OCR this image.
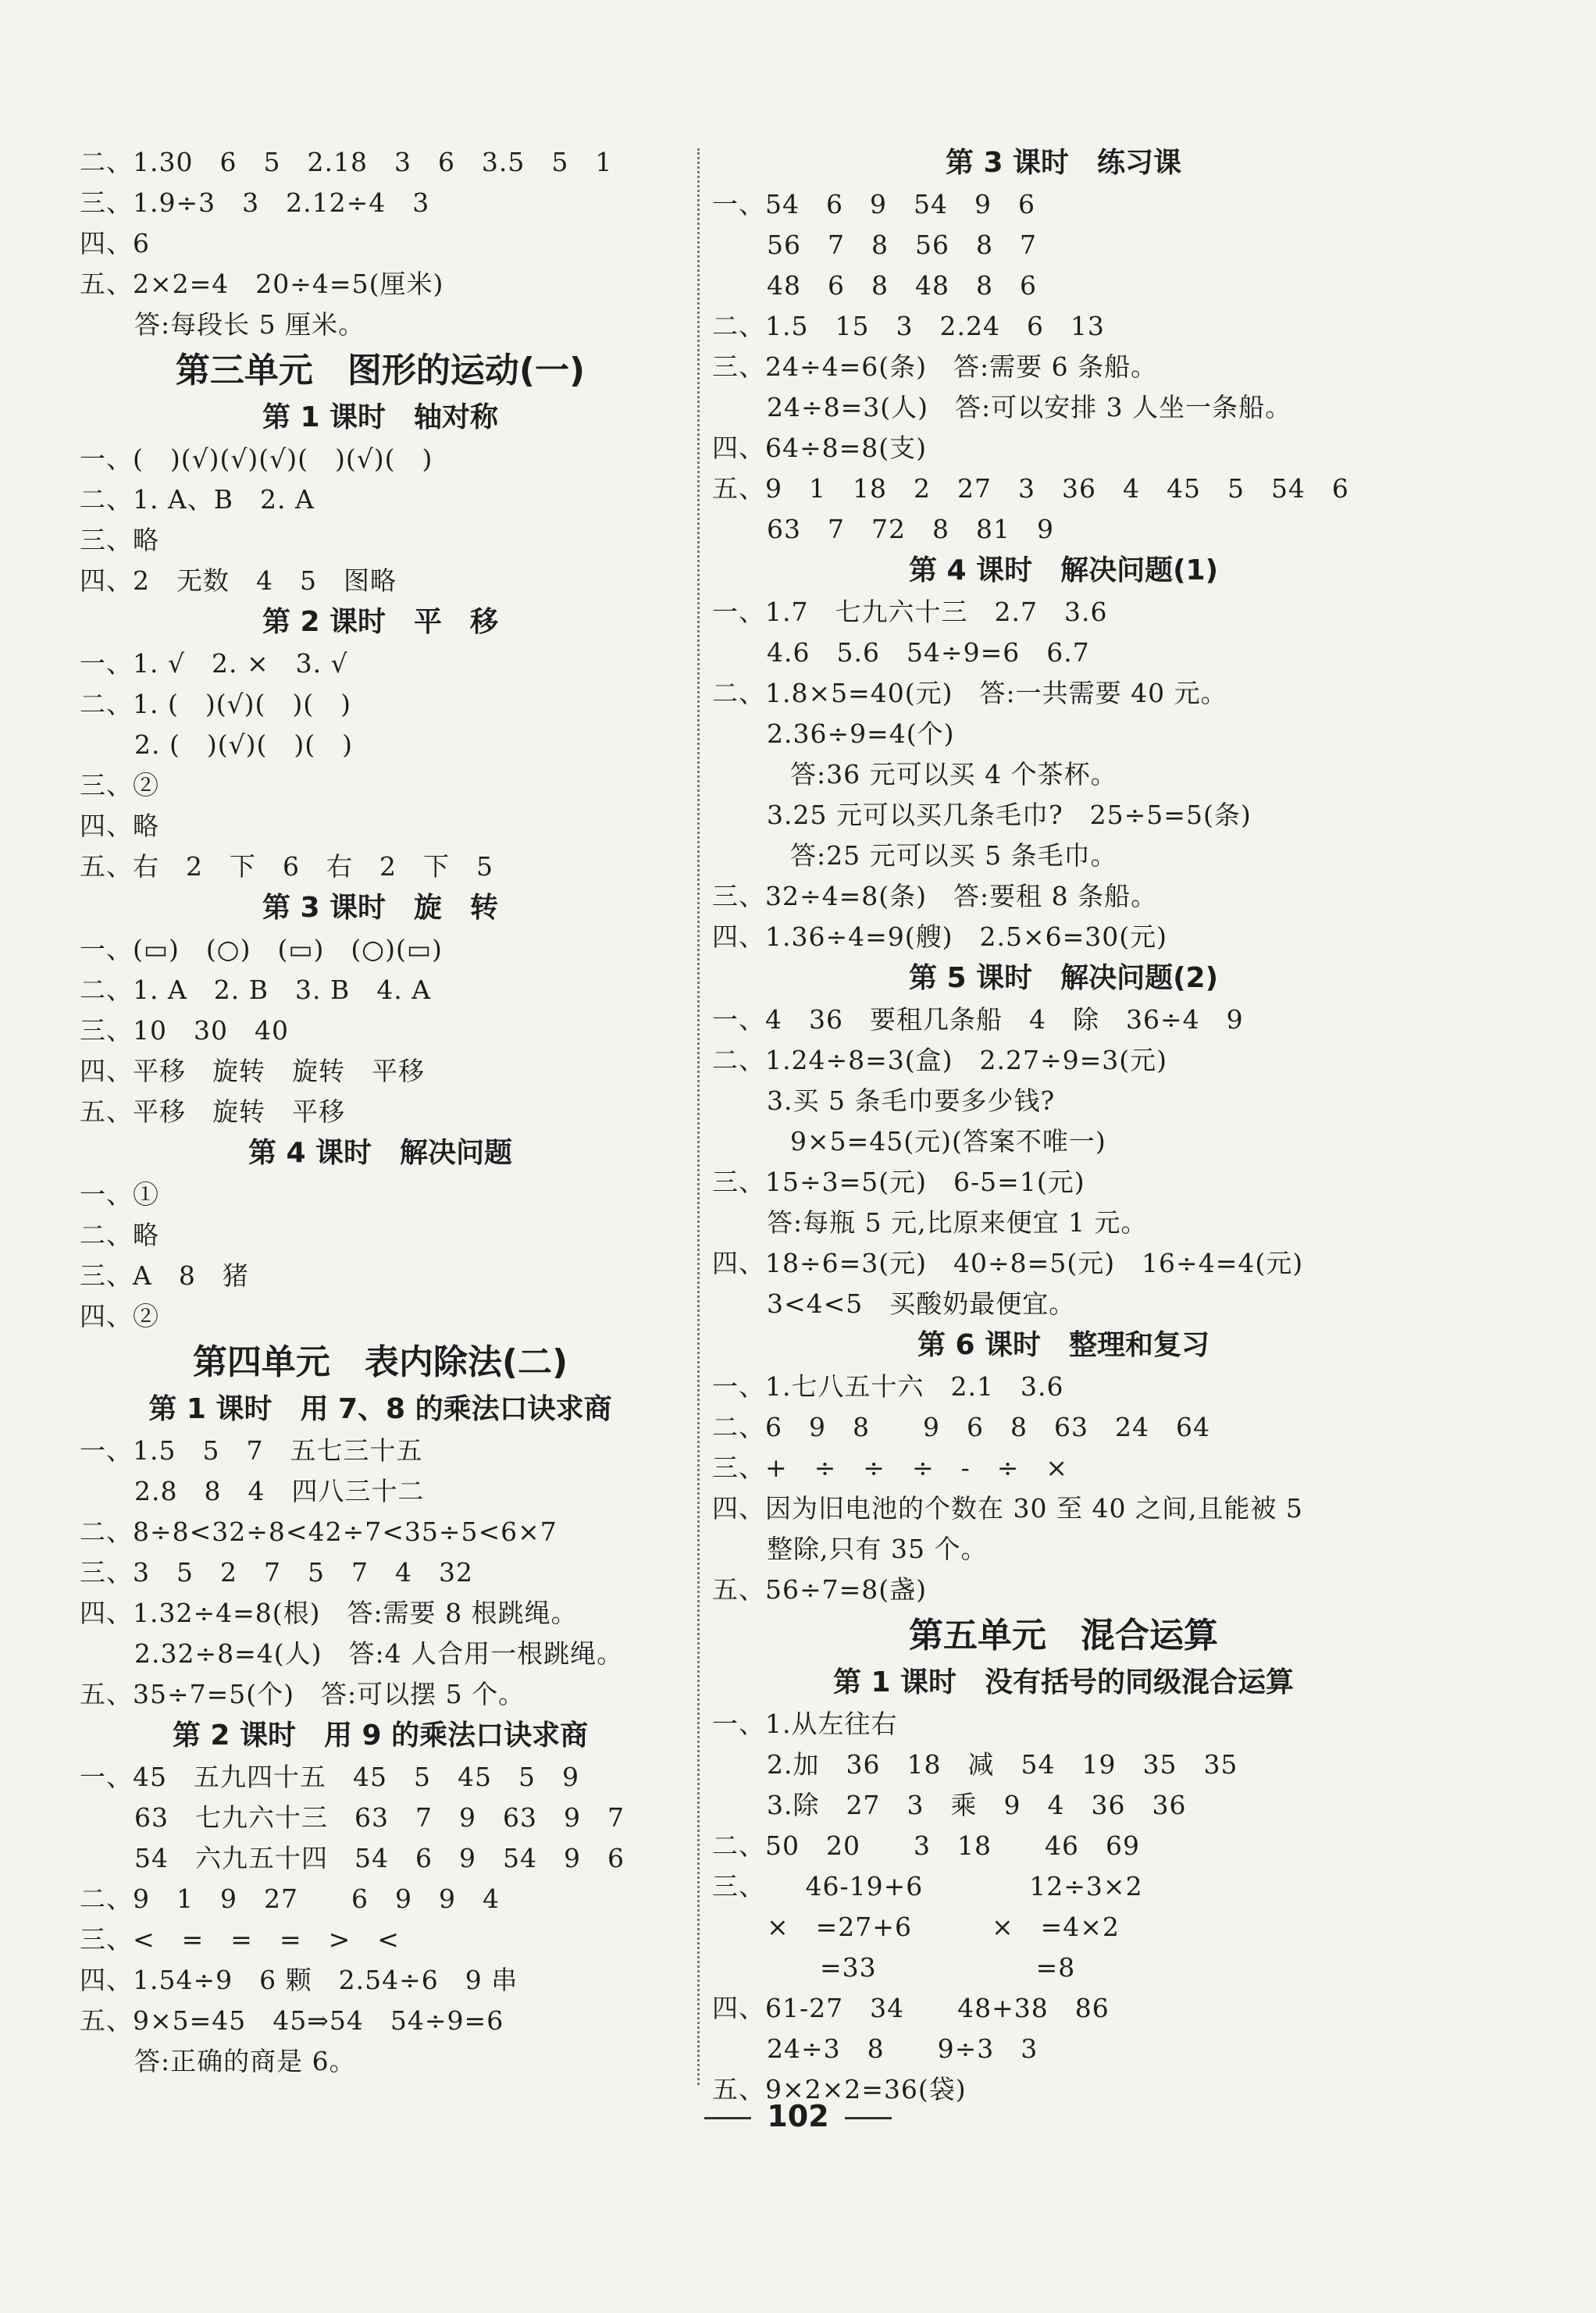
二、1.30　6　5　2.18　3　6　3.5　5　1
三、1.9÷3　3　2.12÷4　3
四、6
五、2×2=4　20÷4=5(厘米)
答:每段长 5 厘米。
第三单元　图形的运动(一)
第 1 课时　轴对称
一、(　)(√)(√)(√)(　)(√)(　)
二、1. A、B　2. A
三、略
四、2　无数　4　5　图略
第 2 课时　平　移
一、1. √　2. ×　3. √
二、1. (　)(√)(　)(　)
2. (　)(√)(　)(　)
三、②
四、略
五、右　2　下　6　右　2　下　5
第 3 课时　旋　转
一、(▭)　(○)　(▭)　(○)(▭)
二、1. A　2. B　3. B　4. A
三、10　30　40
四、平移　旋转　旋转　平移
五、平移　旋转　平移
第 4 课时　解决问题
一、①
二、略
三、A　8　猪
四、②
第四单元　表内除法(二)
第 1 课时　用 7、8 的乘法口诀求商
一、1.5　5　7　五七三十五
2.8　8　4　四八三十二
二、8÷8<32÷8<42÷7<35÷5<6×7
三、3　5　2　7　5　7　4　32
四、1.32÷4=8(根)　答:需要 8 根跳绳。
2.32÷8=4(人)　答:4 人合用一根跳绳。
五、35÷7=5(个)　答:可以摆 5 个。
第 2 课时　用 9 的乘法口诀求商
一、45　五九四十五　45　5　45　5　9
63　七九六十三　63　7　9　63　9　7
54　六九五十四　54　6　9　54　9　6
二、9　1　9　27　　6　9　9　4
三、<　=　=　=　>　<
四、1.54÷9　6 颗　2.54÷6　9 串
五、9×5=45　45⇒54　54÷9=6
答:正确的商是 6。
第 3 课时　练习课
一、54　6　9　54　9　6
56　7　8　56　8　7
48　6　8　48　8　6
二、1.5　15　3　2.24　6　13
三、24÷4=6(条)　答:需要 6 条船。
24÷8=3(人)　答:可以安排 3 人坐一条船。
四、64÷8=8(支)
五、9　1　18　2　27　3　36　4　45　5　54　6
63　7　72　8　81　9
第 4 课时　解决问题(1)
一、1.7　七九六十三　2.7　3.6
4.6　5.6　54÷9=6　6.7
二、1.8×5=40(元)　答:一共需要 40 元。
2.36÷9=4(个)
答:36 元可以买 4 个茶杯。
3.25 元可以买几条毛巾?　25÷5=5(条)
答:25 元可以买 5 条毛巾。
三、32÷4=8(条)　答:要租 8 条船。
四、1.36÷4=9(艘)　2.5×6=30(元)
第 5 课时　解决问题(2)
一、4　36　要租几条船　4　除　36÷4　9
二、1.24÷8=3(盒)　2.27÷9=3(元)
3.买 5 条毛巾要多少钱?
9×5=45(元)(答案不唯一)
三、15÷3=5(元)　6-5=1(元)
答:每瓶 5 元,比原来便宜 1 元。
四、18÷6=3(元)　40÷8=5(元)　16÷4=4(元)
3<4<5　买酸奶最便宜。
第 6 课时　整理和复习
一、1.七八五十六　2.1　3.6
二、6　9　8　　9　6　8　63　24　64
三、+　÷　÷　÷　-　÷　×
四、因为旧电池的个数在 30 至 40 之间,且能被 5
整除,只有 35 个。
五、56÷7=8(盏)
第五单元　混合运算
第 1 课时　没有括号的同级混合运算
一、1.从左往右
2.加　36　18　减　54　19　35　35
3.除　27　3　乘　9　4　36　36
二、50　20　　3　18　　46　69
三、　　46-19+6　　　　12÷3×2
×　=27+6　　　×　=4×2
　　=33　　　　　　=8
四、61-27　34　　48+38　86
24÷3　8　　9÷3　3
五、9×2×2=36(袋)
102
